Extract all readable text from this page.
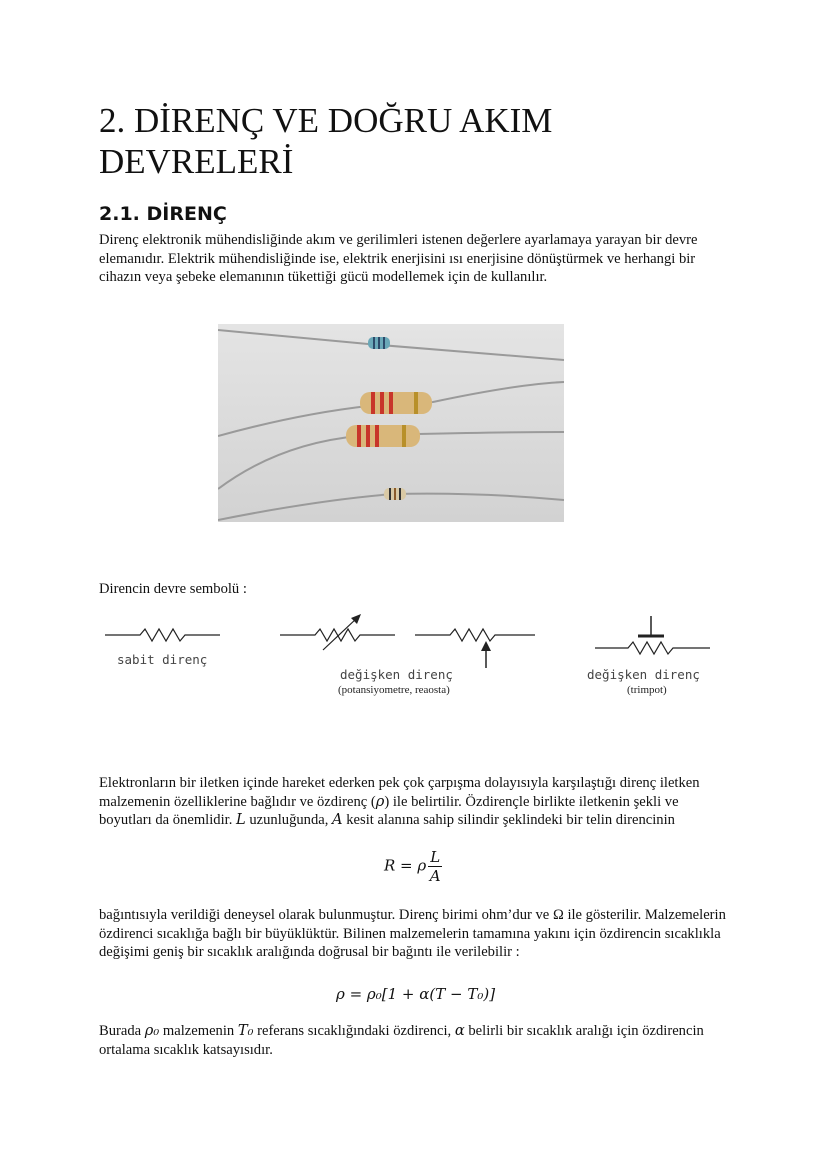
2. DİRENÇ VE DOĞRU AKIM DEVRELERİ
2.1. DİRENÇ

Direnç elektronik mühendisliğinde akım ve gerilimleri istenen değerlere ayarlamaya yarayan bir devre elemanıdır. Elektrik mühendisliğinde ise, elektrik enerjisini ısı enerjisine dönüştürmek ve herhangi bir cihazın veya şebeke elemanının tükettiği gücü modellemek için de kullanılır.

Direncin devre sembolü :

sabit direnç
değişken direnç
(potansiyometre, reaosta)
değişken direnç
(trimpot)

Elektronların bir iletken içinde hareket ederken pek çok çarpışma dolayısıyla karşılaştığı direnç iletken malzemenin özelliklerine bağlıdır ve özdirenç (ρ) ile belirtilir. Özdirençle birlikte iletkenin şekli ve boyutları da önemlidir. L uzunluğunda, A kesit alanına sahip silindir şeklindeki bir telin direncinin

R = ρ $\frac{L}{A}$

bağıntısıyla verildiği deneysel olarak bulunmuştur. Direnç birimi ohm’dur ve Ω ile gösterilir. Malzemelerin özdirenci sıcaklığa bağlı bir büyüklüktür. Bilinen malzemelerin tamamına yakını için özdirencin sıcaklıkla değişimi geniş bir sıcaklık aralığında doğrusal bir bağıntı ile verilebilir :

ρ = ρ₀[1 + α(T − T₀)]

Burada ρ₀ malzemenin T₀ referans sıcaklığındaki özdirenci, α belirli bir sıcaklık aralığı için özdirencin ortalama sıcaklık katsayısıdır.
